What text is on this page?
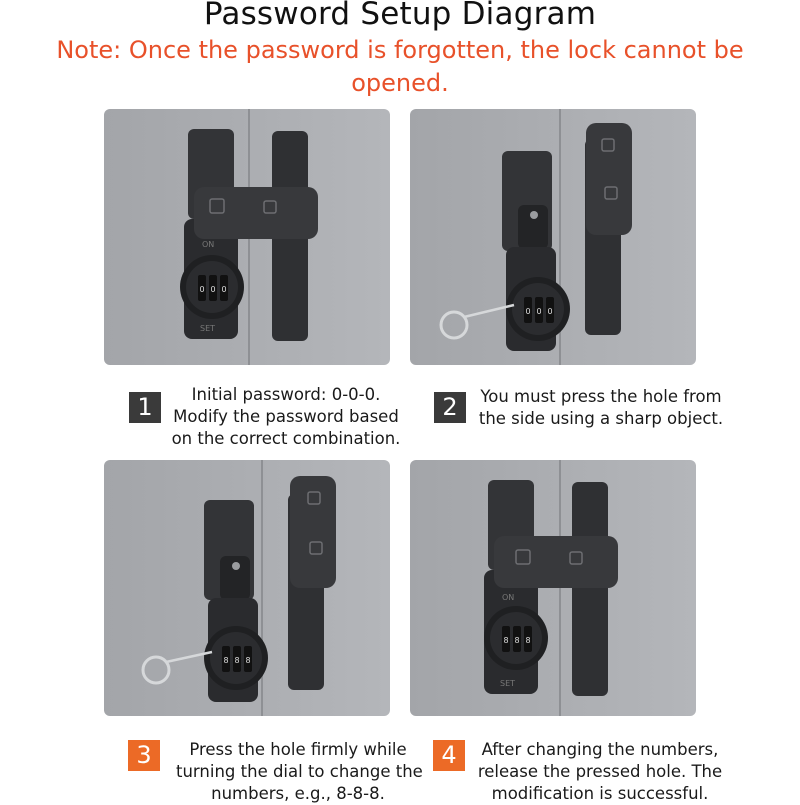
Password Setup Diagram
Note: Once the password is forgotten, the lock cannot be opened.
ON
SET
0 0 0
0 0 0
8 8 8
ON
SET
8 8 8
1	Initial password: 0-0-0.
Modify the password based
on the correct combination.
2	You must press the hole from
the side using a sharp object.
3	Press the hole firmly while
turning the dial to change the
numbers, e.g., 8-8-8.
4	After changing the numbers,
release the pressed hole. The
modification is successful.
